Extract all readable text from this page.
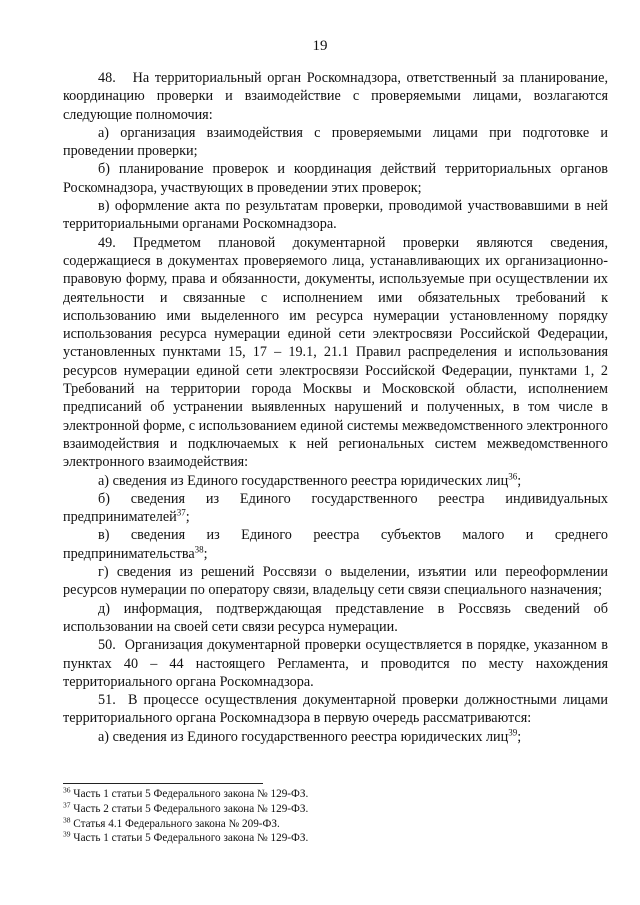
19

48.   На территориальный орган Роскомнадзора, ответственный за планирование, координацию проверки и взаимодействие с проверяемыми лицами, возлагаются следующие полномочия:

а) организация взаимодействия с проверяемыми лицами при подготовке и проведении проверки;

б) планирование проверок и координация действий территориальных органов Роскомнадзора, участвующих в проведении этих проверок;

в) оформление акта по результатам проверки, проводимой участвовавшими в ней территориальными органами Роскомнадзора.

49. Предметом плановой документарной проверки являются сведения, содержащиеся в документах проверяемого лица, устанавливающих их организационно-правовую форму, права и обязанности, документы, используемые при осуществлении их деятельности и связанные с исполнением ими обязательных требований к использованию ими выделенного им ресурса нумерации установленному порядку использования ресурса нумерации единой сети электросвязи Российской Федерации, установленных пунктами 15, 17 – 19.1, 21.1 Правил распределения и использования ресурсов нумерации единой сети электросвязи Российской Федерации, пунктами 1, 2 Требований на территории города Москвы и Московской области, исполнением предписаний об устранении выявленных нарушений и полученных, в том числе в электронной форме, с использованием единой системы межведомственного электронного взаимодействия и подключаемых к ней региональных систем межведомственного электронного взаимодействия:

а) сведения из Единого государственного реестра юридических лиц$^{36}$;

б) сведения из Единого государственного реестра индивидуальных предпринимателей$^{37}$;

в) сведения из Единого реестра субъектов малого и среднего предпринимательства$^{38}$;

г) сведения из решений Россвязи о выделении, изъятии или переоформлении ресурсов нумерации по оператору связи, владельцу сети связи специального назначения;

д) информация, подтверждающая представление в Россвязь сведений об использовании на своей сети связи ресурса нумерации.

50.  Организация документарной проверки осуществляется в порядке, указанном в пунктах 40 – 44 настоящего Регламента, и проводится по месту нахождения территориального органа Роскомнадзора.

51.  В процессе осуществления документарной проверки должностными лицами территориального органа Роскомнадзора в первую очередь рассматриваются:

а) сведения из Единого государственного реестра юридических лиц$^{39}$;

$^{36}$ Часть 1 статьи 5 Федерального закона № 129-ФЗ.
$^{37}$ Часть 2 статьи 5 Федерального закона № 129-ФЗ.
$^{38}$ Статья 4.1 Федерального закона № 209-ФЗ.
$^{39}$ Часть 1 статьи 5 Федерального закона № 129-ФЗ.
